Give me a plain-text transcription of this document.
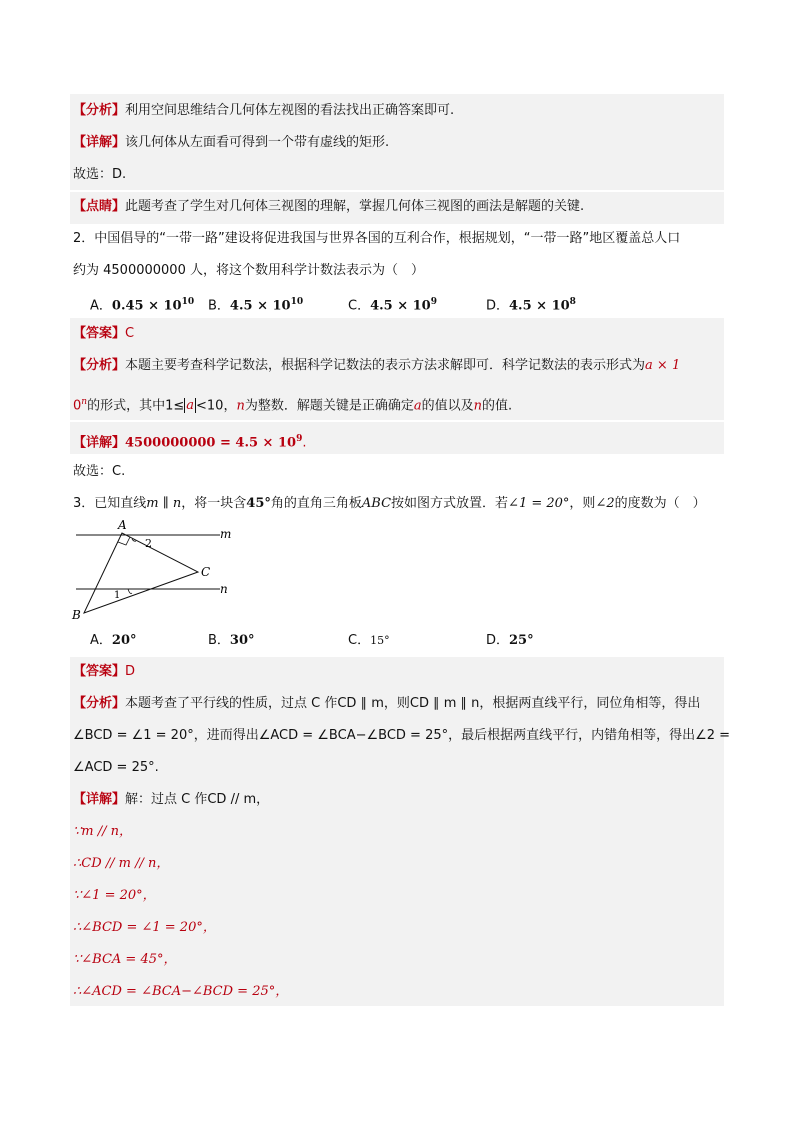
【分析】利用空间思维结合几何体左视图的看法找出正确答案即可.
【详解】该几何体从左面看可得到一个带有虚线的矩形.
故选：D.
【点睛】此题考查了学生对几何体三视图的理解，掌握几何体三视图的画法是解题的关键.
2．中国倡导的“一带一路”建设将促进我国与世界各国的互利合作，根据规划，“一带一路”地区覆盖总人口
约为 4500000000 人，将这个数用科学计数法表示为（　）
A．$0.45 \times 10^{10}$ B．$4.5 \times 10^{10}$	C．$4.5 \times 10^9$	D．$4.5 \times 10^8$
【答案】C
【分析】本题主要考查科学记数法，根据科学记数法的表示方法求解即可．科学记数法的表示形式为a × 1
0$^n$的形式，其中1≤ a <10，n为整数．解题关键是正确确定a的值以及n的值.
【详解】$4500000000 = 4.5 \times 10^9$.
故选：C.
3．已知直线m ∥ n，将一块含45°角的直角三角板ABC按如图方式放置．若∠1 = 20°，则∠2的度数为（　）
A
B
C
m
n
1
2
A．20°	B．30°	C．15°	D．25°
【答案】D
【分析】本题考查了平行线的性质，过点 C 作CD ∥ m，则CD ∥ m ∥ n，根据两直线平行，同位角相等，得出
∠BCD = ∠1 = 20°，进而得出∠ACD = ∠BCA−∠BCD = 25°，最后根据两直线平行，内错角相等，得出∠2 =
∠ACD = 25°.
【详解】解：过点 C 作CD // m，
∵m // n，
∴CD // m // n，
∵∠1 = 20°，
∴∠BCD = ∠1 = 20°，
∵∠BCA = 45°，
∴∠ACD = ∠BCA−∠BCD = 25°，
